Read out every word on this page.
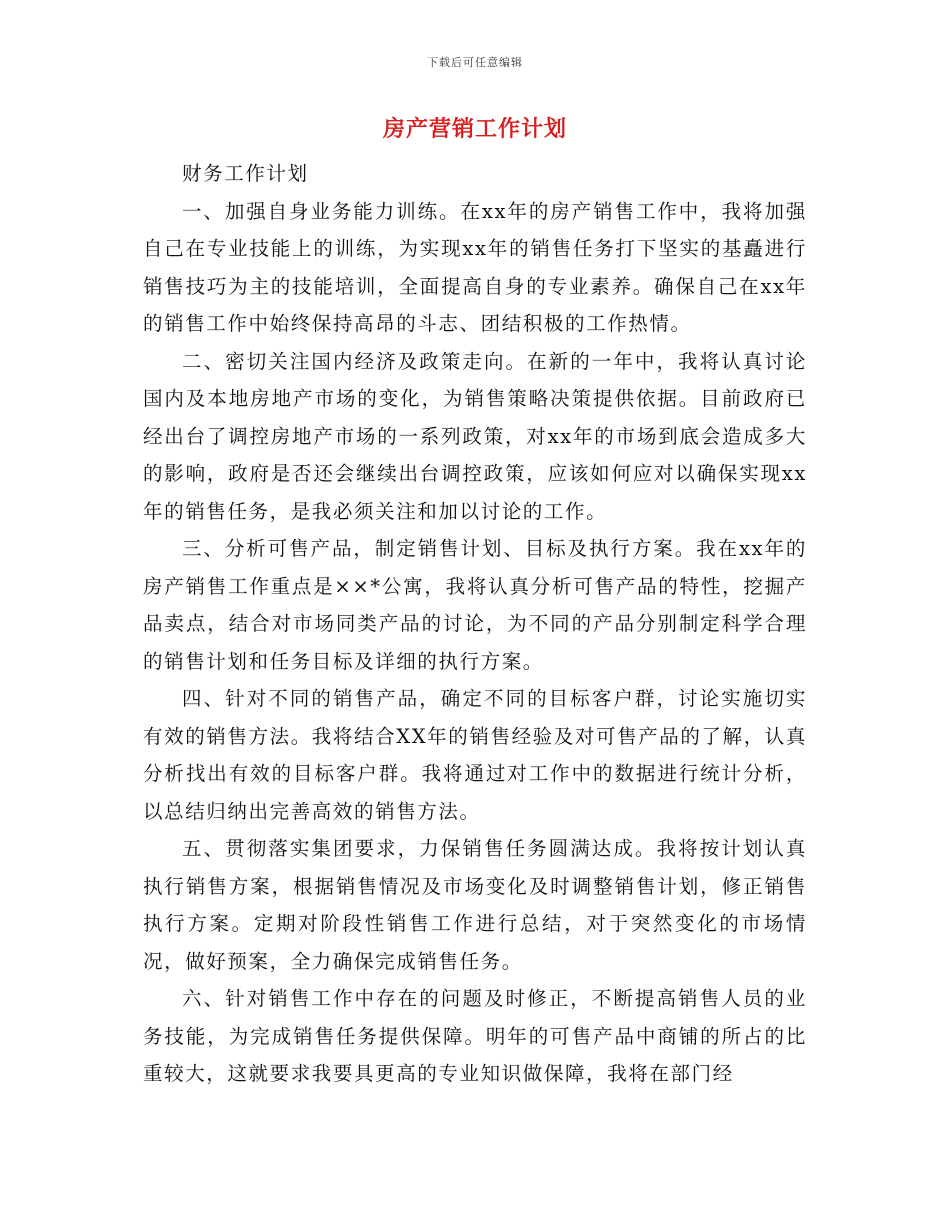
下载后可任意编辑
房产营销工作计划

财务工作计划

一、加强自身业务能力训练。在xx年的房产销售工作中，我将加强自己在专业技能上的训练，为实现xx年的销售任务打下坚实的基矗进行销售技巧为主的技能培训，全面提高自身的专业素养。确保自己在xx年的销售工作中始终保持高昂的斗志、团结积极的工作热情。

二、密切关注国内经济及政策走向。在新的一年中，我将认真讨论国内及本地房地产市场的变化，为销售策略决策提供依据。目前政府已经出台了调控房地产市场的一系列政策，对xx年的市场到底会造成多大的影响，政府是否还会继续出台调控政策，应该如何应对以确保实现xx年的销售任务，是我必须关注和加以讨论的工作。

三、分析可售产品，制定销售计划、目标及执行方案。我在xx年的房产销售工作重点是××*公寓，我将认真分析可售产品的特性，挖掘产品卖点，结合对市场同类产品的讨论，为不同的产品分别制定科学合理的销售计划和任务目标及详细的执行方案。

四、针对不同的销售产品，确定不同的目标客户群，讨论实施切实有效的销售方法。我将结合XX年的销售经验及对可售产品的了解，认真分析找出有效的目标客户群。我将通过对工作中的数据进行统计分析，以总结归纳出完善高效的销售方法。

五、贯彻落实集团要求，力保销售任务圆满达成。我将按计划认真执行销售方案，根据销售情况及市场变化及时调整销售计划，修正销售执行方案。定期对阶段性销售工作进行总结，对于突然变化的市场情况，做好预案，全力确保完成销售任务。

六、针对销售工作中存在的问题及时修正，不断提高销售人员的业务技能，为完成销售任务提供保障。明年的可售产品中商铺的所占的比重较大，这就要求我要具更高的专业知识做保障，我将在部门经
